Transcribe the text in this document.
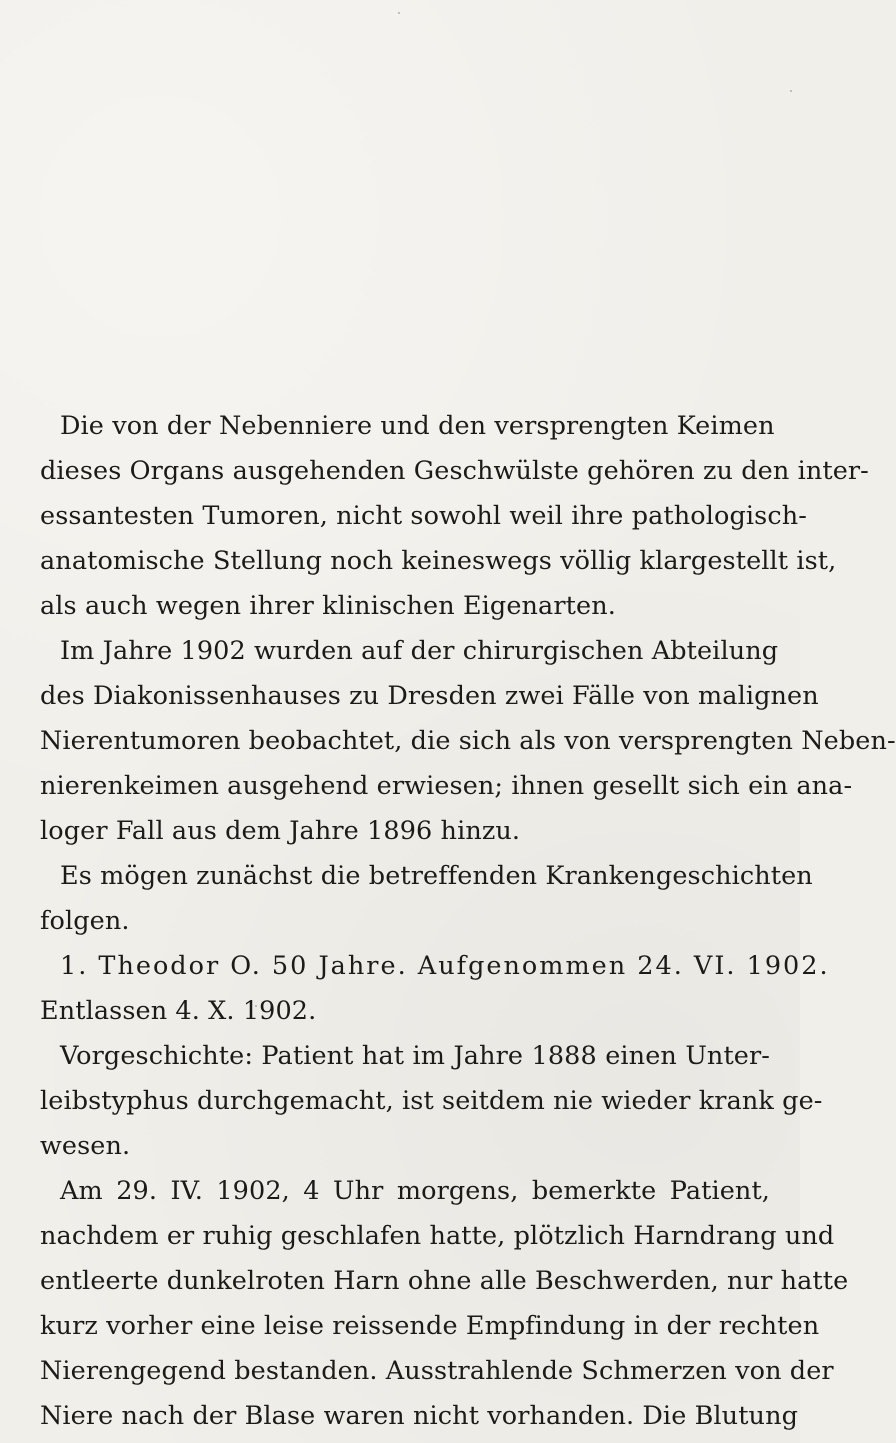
Die von der Nebenniere und den versprengten Keimen
dieses Organs ausgehenden Geschwülste gehören zu den inter-
essantesten Tumoren, nicht sowohl weil ihre pathologisch-
anatomische Stellung noch keineswegs völlig klargestellt ist,
als auch wegen ihrer klinischen Eigenarten.
Im Jahre 1902 wurden auf der chirurgischen Abteilung
des Diakonissenhauses zu Dresden zwei Fälle von malignen
Nierentumoren beobachtet, die sich als von versprengten Neben-
nierenkeimen ausgehend erwiesen; ihnen gesellt sich ein ana-
loger Fall aus dem Jahre 1896 hinzu.
Es mögen zunächst die betreffenden Krankengeschichten
folgen.
1. Theodor O. 50 Jahre. Aufgenommen 24. VI. 1902.
Entlassen 4. X. 1902.
Vorgeschichte: Patient hat im Jahre 1888 einen Unter-
leibstyphus durchgemacht, ist seitdem nie wieder krank ge-
wesen.
Am 29. IV. 1902, 4 Uhr morgens, bemerkte Patient,
nachdem er ruhig geschlafen hatte, plötzlich Harndrang und
entleerte dunkelroten Harn ohne alle Beschwerden, nur hatte
kurz vorher eine leise reissende Empfindung in der rechten
Nierengegend bestanden. Ausstrahlende Schmerzen von der
Niere nach der Blase waren nicht vorhanden. Die Blutung
